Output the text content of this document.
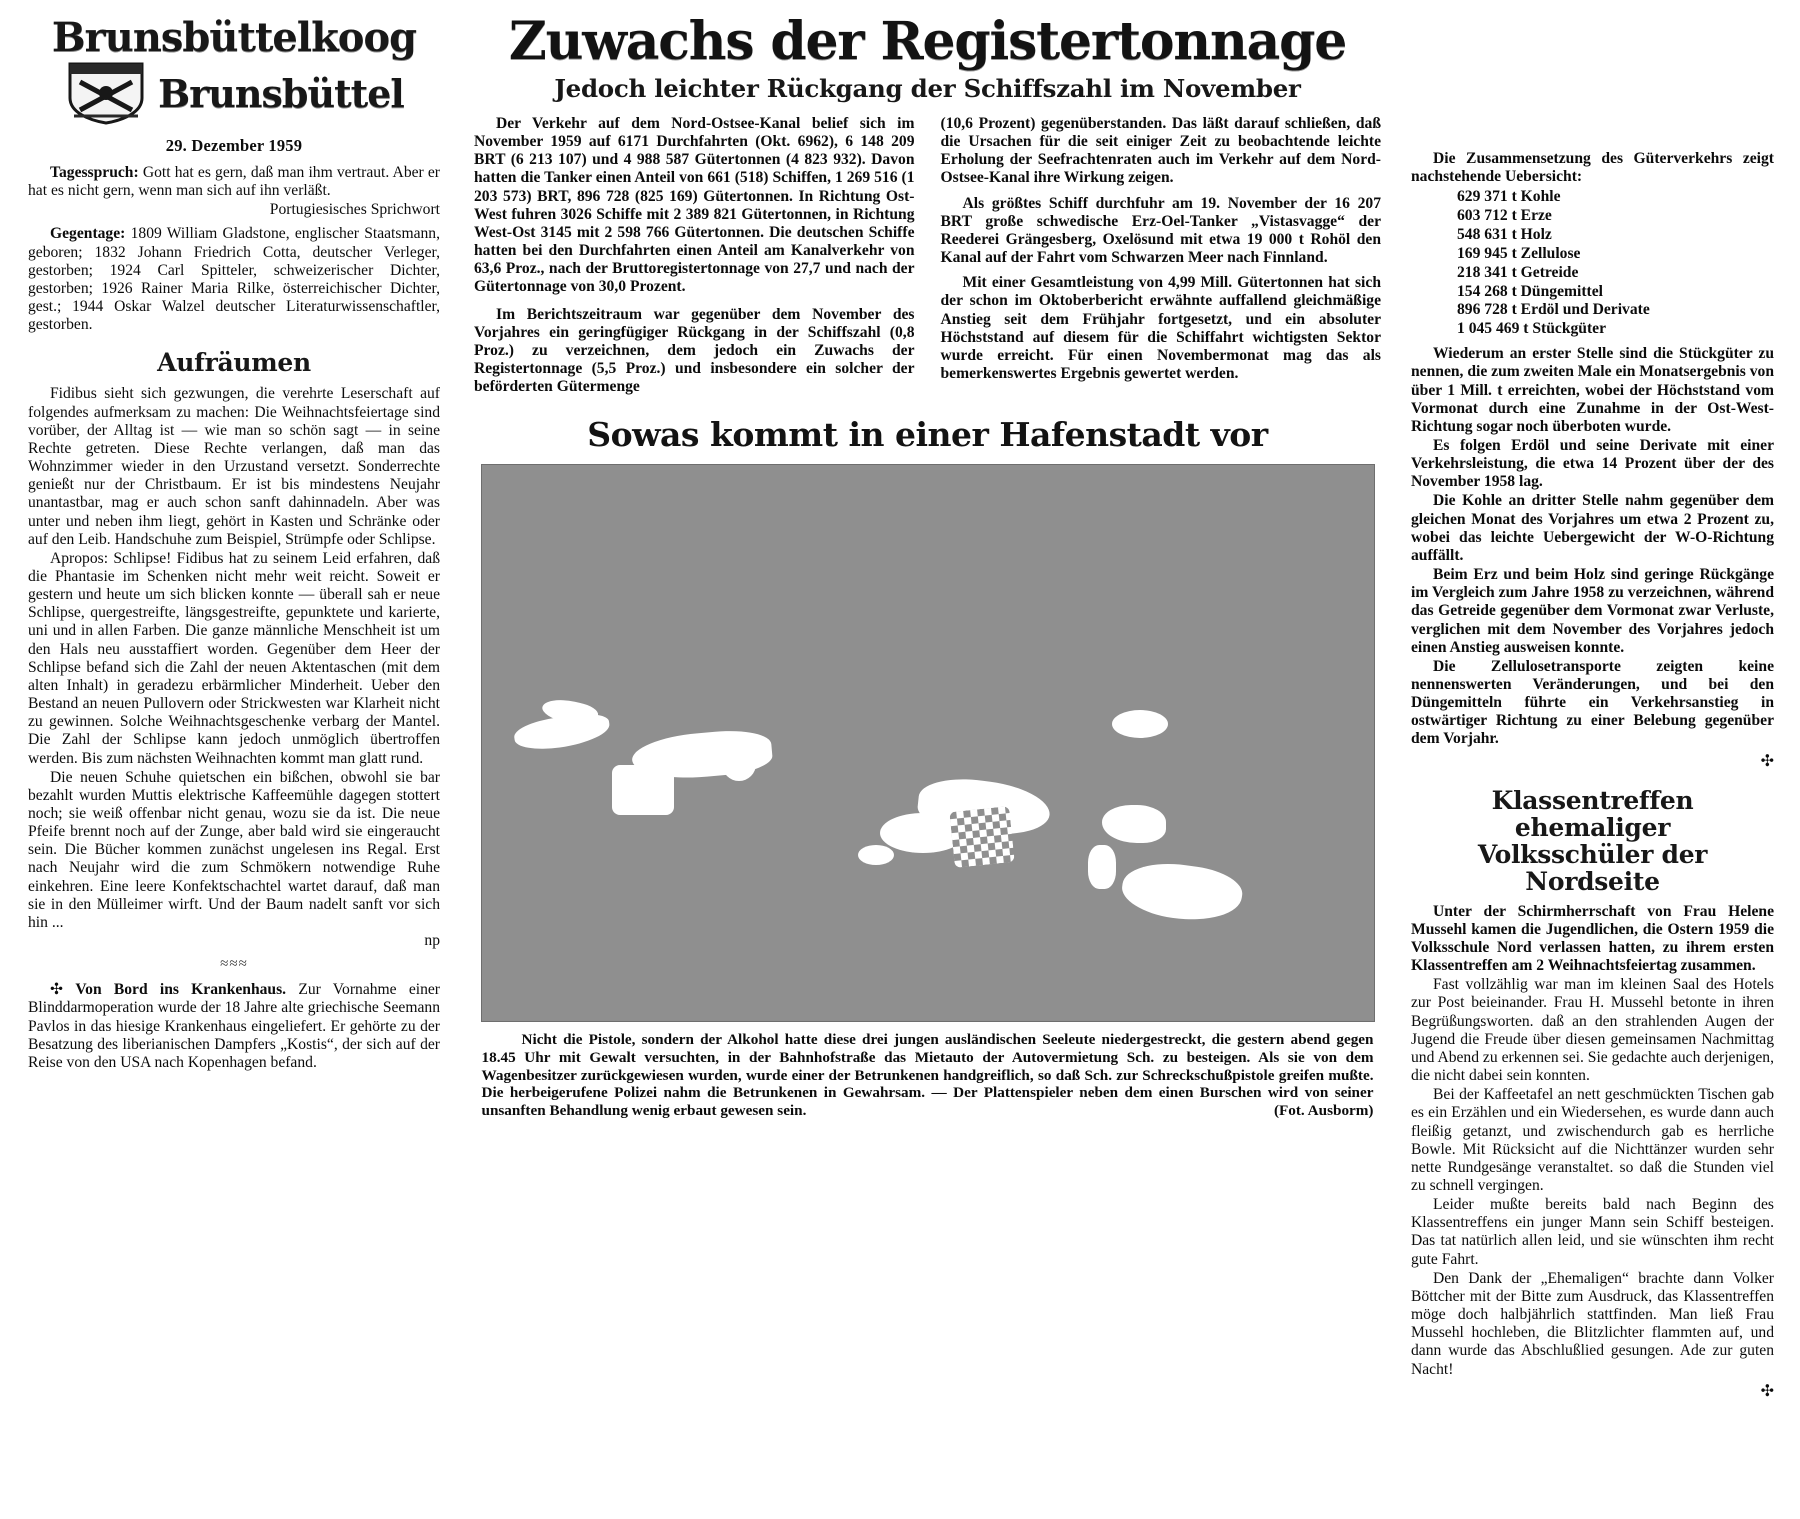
Brunsbüttelkoog
Brunsbüttel
29. Dezember 1959

Tagesspruch: Gott hat es gern, daß man ihm vertraut. Aber er hat es nicht gern, wenn man sich auf ihn verläßt.

Portugiesisches Sprichwort

Gegentage: 1809 William Gladstone, englischer Staatsmann, geboren; 1832 Johann Friedrich Cotta, deutscher Verleger, gestorben; 1924 Carl Spitteler, schweizerischer Dichter, gestorben; 1926 Rainer Maria Rilke, österreichischer Dichter, gest.; 1944 Oskar Walzel deutscher Literaturwissenschaftler, gestorben.

Aufräumen

Fidibus sieht sich gezwungen, die verehrte Leserschaft auf folgendes aufmerksam zu machen: Die Weihnachtsfeiertage sind vorüber, der Alltag ist — wie man so schön sagt — in seine Rechte getreten. Diese Rechte verlangen, daß man das Wohnzimmer wieder in den Urzustand versetzt. Sonderrechte genießt nur der Christbaum. Er ist bis mindestens Neujahr unantastbar, mag er auch schon sanft dahinnadeln. Aber was unter und neben ihm liegt, gehört in Kasten und Schränke oder auf den Leib. Handschuhe zum Beispiel, Strümpfe oder Schlipse.

Apropos: Schlipse! Fidibus hat zu seinem Leid erfahren, daß die Phantasie im Schenken nicht mehr weit reicht. Soweit er gestern und heute um sich blicken konnte — überall sah er neue Schlipse, quergestreifte, längsgestreifte, gepunktete und karierte, uni und in allen Farben. Die ganze männliche Menschheit ist um den Hals neu ausstaffiert worden. Gegenüber dem Heer der Schlipse befand sich die Zahl der neuen Aktentaschen (mit dem alten Inhalt) in geradezu erbärmlicher Minderheit. Ueber den Bestand an neuen Pullovern oder Strickwesten war Klarheit nicht zu gewinnen. Solche Weihnachtsgeschenke verbarg der Mantel. Die Zahl der Schlipse kann jedoch unmöglich übertroffen werden. Bis zum nächsten Weihnachten kommt man glatt rund.

Die neuen Schuhe quietschen ein bißchen, obwohl sie bar bezahlt wurden Muttis elektrische Kaffeemühle dagegen stottert noch; sie weiß offenbar nicht genau, wozu sie da ist. Die neue Pfeife brennt noch auf der Zunge, aber bald wird sie eingeraucht sein. Die Bücher kommen zunächst ungelesen ins Regal. Erst nach Neujahr wird die zum Schmökern notwendige Ruhe einkehren. Eine leere Konfektschachtel wartet darauf, daß man sie in den Mülleimer wirft. Und der Baum nadelt sanft vor sich hin ...

np

≈≈≈

✣ Von Bord ins Krankenhaus. Zur Vornahme einer Blinddarmoperation wurde der 18 Jahre alte griechische Seemann Pavlos in das hiesige Krankenhaus eingeliefert. Er gehörte zu der Besatzung des liberianischen Dampfers „Kostis“, der sich auf der Reise von den USA nach Kopenhagen befand.

Zuwachs der Registertonnage
Jedoch leichter Rückgang der Schiffszahl im November

Der Verkehr auf dem Nord-Ostsee-Kanal belief sich im November 1959 auf 6171 Durchfahrten (Okt. 6962), 6 148 209 BRT (6 213 107) und 4 988 587 Gütertonnen (4 823 932). Davon hatten die Tanker einen Anteil von 661 (518) Schiffen, 1 269 516 (1 203 573) BRT, 896 728 (825 169) Gütertonnen. In Richtung Ost-West fuhren 3026 Schiffe mit 2 389 821 Gütertonnen, in Richtung West-Ost 3145 mit 2 598 766 Gütertonnen. Die deutschen Schiffe hatten bei den Durchfahrten einen Anteil am Kanalverkehr von 63,6 Proz., nach der Bruttoregistertonnage von 27,7 und nach der Gütertonnage von 30,0 Prozent.

Im Berichtszeitraum war gegenüber dem November des Vorjahres ein geringfügiger Rückgang in der Schiffszahl (0,8 Proz.) zu verzeichnen, dem jedoch ein Zuwachs der Registertonnage (5,5 Proz.) und insbesondere ein solcher der beförderten Gütermenge

(10,6 Prozent) gegenüberstanden. Das läßt darauf schließen, daß die Ursachen für die seit einiger Zeit zu beobachtende leichte Erholung der Seefrachtenraten auch im Verkehr auf dem Nord-Ostsee-Kanal ihre Wirkung zeigen.

Als größtes Schiff durchfuhr am 19. November der 16 207 BRT große schwedische Erz-Oel-Tanker „Vistasvagge“ der Reederei Grängesberg, Oxelösund mit etwa 19 000 t Rohöl den Kanal auf der Fahrt vom Schwarzen Meer nach Finnland.

Mit einer Gesamtleistung von 4,99 Mill. Gütertonnen hat sich der schon im Oktoberbericht erwähnte auffallend gleichmäßige Anstieg seit dem Frühjahr fortgesetzt, und ein absoluter Höchststand auf diesem für die Schiffahrt wichtigsten Sektor wurde erreicht. Für einen Novembermonat mag das als bemerkenswertes Ergebnis gewertet werden.

Sowas kommt in einer Hafenstadt vor

Nicht die Pistole, sondern der Alkohol hatte diese drei jungen ausländischen Seeleute niedergestreckt, die gestern abend gegen 18.45 Uhr mit Gewalt versuchten, in der Bahnhofstraße das Mietauto der Autovermietung Sch. zu besteigen. Als sie von dem Wagenbesitzer zurückgewiesen wurden, wurde einer der Betrunkenen handgreiflich, so daß Sch. zur Schreckschußpistole greifen mußte. Die herbeigerufene Polizei nahm die Betrunkenen in Gewahrsam. — Der Plattenspieler neben dem einen Burschen wird von seiner unsanften Behandlung wenig erbaut gewesen sein.	(Fot. Ausborm)

Die Zusammensetzung des Güterverkehrs zeigt nachstehende Uebersicht:

629 371 t Kohle
603 712 t Erze
548 631 t Holz
169 945 t Zellulose
218 341 t Getreide
154 268 t Düngemittel
896 728 t Erdöl und Derivate
1 045 469 t Stückgüter

Wiederum an erster Stelle sind die Stückgüter zu nennen, die zum zweiten Male ein Monatsergebnis von über 1 Mill. t erreichten, wobei der Höchststand vom Vormonat durch eine Zunahme in der Ost-West-Richtung sogar noch überboten wurde.

Es folgen Erdöl und seine Derivate mit einer Verkehrsleistung, die etwa 14 Prozent über der des November 1958 lag.

Die Kohle an dritter Stelle nahm gegenüber dem gleichen Monat des Vorjahres um etwa 2 Prozent zu, wobei das leichte Uebergewicht der W-O-Richtung auffällt.

Beim Erz und beim Holz sind geringe Rückgänge im Vergleich zum Jahre 1958 zu verzeichnen, während das Getreide gegenüber dem Vormonat zwar Verluste, verglichen mit dem November des Vorjahres jedoch einen Anstieg ausweisen konnte.

Die Zellulosetransporte zeigten keine nennenswerten Veränderungen, und bei den Düngemitteln führte ein Verkehrsanstieg in ostwärtiger Richtung zu einer Belebung gegenüber dem Vorjahr.

✣
Klassentreffen ehemaliger
Volksschüler der Nordseite

Unter der Schirmherrschaft von Frau Helene Mussehl kamen die Jugendlichen, die Ostern 1959 die Volksschule Nord verlassen hatten, zu ihrem ersten Klassentreffen am 2 Weihnachtsfeiertag zusammen.

Fast vollzählig war man im kleinen Saal des Hotels zur Post beieinander. Frau H. Mussehl betonte in ihren Begrüßungsworten. daß an den strahlenden Augen der Jugend die Freude über diesen gemeinsamen Nachmittag und Abend zu erkennen sei. Sie gedachte auch derjenigen, die nicht dabei sein konnten.

Bei der Kaffeetafel an nett geschmückten Tischen gab es ein Erzählen und ein Wiedersehen, es wurde dann auch fleißig getanzt, und zwischendurch gab es herrliche Bowle. Mit Rücksicht auf die Nichttänzer wurden sehr nette Rundgesänge veranstaltet. so daß die Stunden viel zu schnell vergingen.

Leider mußte bereits bald nach Beginn des Klassentreffens ein junger Mann sein Schiff besteigen. Das tat natürlich allen leid, und sie wünschten ihm recht gute Fahrt.

Den Dank der „Ehemaligen“ brachte dann Volker Böttcher mit der Bitte zum Ausdruck, das Klassentreffen möge doch halbjährlich stattfinden. Man ließ Frau Mussehl hochleben, die Blitzlichter flammten auf, und dann wurde das Abschlußlied gesungen. Ade zur guten Nacht!

✣
